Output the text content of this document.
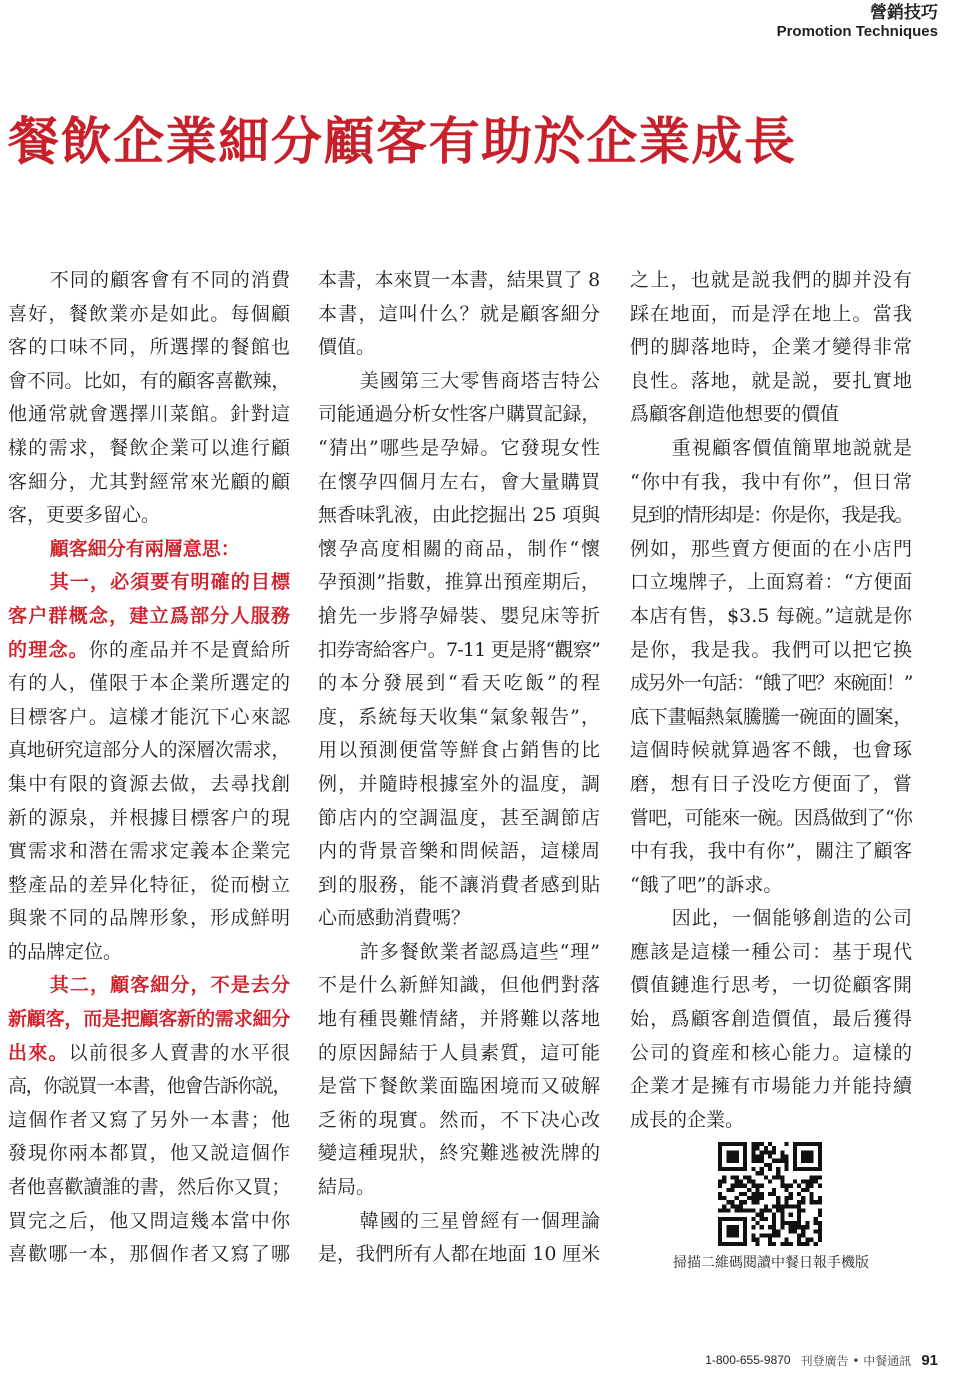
營銷技巧
Promotion Techniques
餐飲企業細分顧客有助於企業成長
不同的顧客會有不同的消費
喜好，餐飲業亦是如此。每個顧
客的口味不同，所選擇的餐館也
會不同。比如，有的顧客喜歡辣，
他通常就會選擇川菜館。針對這
樣的需求，餐飲企業可以進行顧
客細分，尤其對經常來光顧的顧
客，更要多留心。
顧客細分有兩層意思：
其一，必須要有明確的目標
客户群概念，建立爲部分人服務
的理念。你的產品并不是賣給所
有的人，僅限于本企業所選定的
目標客户。這樣才能沉下心來認
真地研究這部分人的深層次需求，
集中有限的資源去做，去尋找創
新的源泉，并根據目標客户的現
實需求和潜在需求定義本企業完
整產品的差异化特征，從而樹立
與衆不同的品牌形象，形成鮮明
的品牌定位。
其二，顧客細分，不是去分
新顧客，而是把顧客新的需求細分
出來。以前很多人賣書的水平很
高，你説買一本書，他會告訴你説，
這個作者又寫了另外一本書；他
發現你兩本都買，他又説這個作
者他喜歡讀誰的書，然后你又買；
買完之后，他又問這幾本當中你
喜歡哪一本，那個作者又寫了哪
本書，本來買一本書，結果買了 8
本書，這叫什么？就是顧客細分
價值。
美國第三大零售商塔吉特公
司能通過分析女性客户購買記録，
“猜出”哪些是孕婦。它發現女性
在懷孕四個月左右，會大量購買
無香味乳液，由此挖掘出 25 項與
懷孕高度相關的商品，制作“懷
孕預測”指數，推算出預産期后，
搶先一步將孕婦裝、嬰兒床等折
扣券寄給客户。7-11 更是將“觀察”
的本分發展到“看天吃飯”的程
度，系統每天收集“氣象報告”，
用以預測便當等鮮食占銷售的比
例，并隨時根據室外的温度，調
節店内的空調温度，甚至調節店
内的背景音樂和問候語，這樣周
到的服務，能不讓消費者感到貼
心而感動消費嗎？
許多餐飲業者認爲這些“理”
不是什么新鮮知識，但他們對落
地有種畏難情緒，并將難以落地
的原因歸結于人員素質，這可能
是當下餐飲業面臨困境而又破解
乏術的現實。然而，不下决心改
變這種現狀，終究難逃被洗牌的
結局。
韓國的三星曾經有一個理論
是，我們所有人都在地面 10 厘米
之上，也就是説我們的脚并没有
踩在地面，而是浮在地上。當我
們的脚落地時，企業才變得非常
良性。落地，就是説，要扎實地
爲顧客創造他想要的價值
重視顧客價值簡單地説就是
“你中有我，我中有你”，但日常
見到的情形却是：你是你，我是我。
例如，那些賣方便面的在小店門
口立塊牌子，上面寫着：“方便面
本店有售，$3.5 每碗。”這就是你
是你，我是我。我們可以把它换
成另外一句話：“餓了吧？來碗面！”
底下畫幅熱氣騰騰一碗面的圖案，
這個時候就算過客不餓，也會琢
磨，想有日子没吃方便面了，嘗
嘗吧，可能來一碗。因爲做到了“你
中有我，我中有你”，關注了顧客
“餓了吧”的訴求。
因此，一個能够創造的公司
應該是這樣一種公司：基于現代
價值鏈進行思考，一切從顧客開
始，爲顧客創造價值，最后獲得
公司的資産和核心能力。這樣的
企業才是擁有市場能力并能持續
成長的企業。
掃描二維碼閱讀中餐日報手機版
1-800-655-9870 刊登廣告 • 中餐通訊 91
